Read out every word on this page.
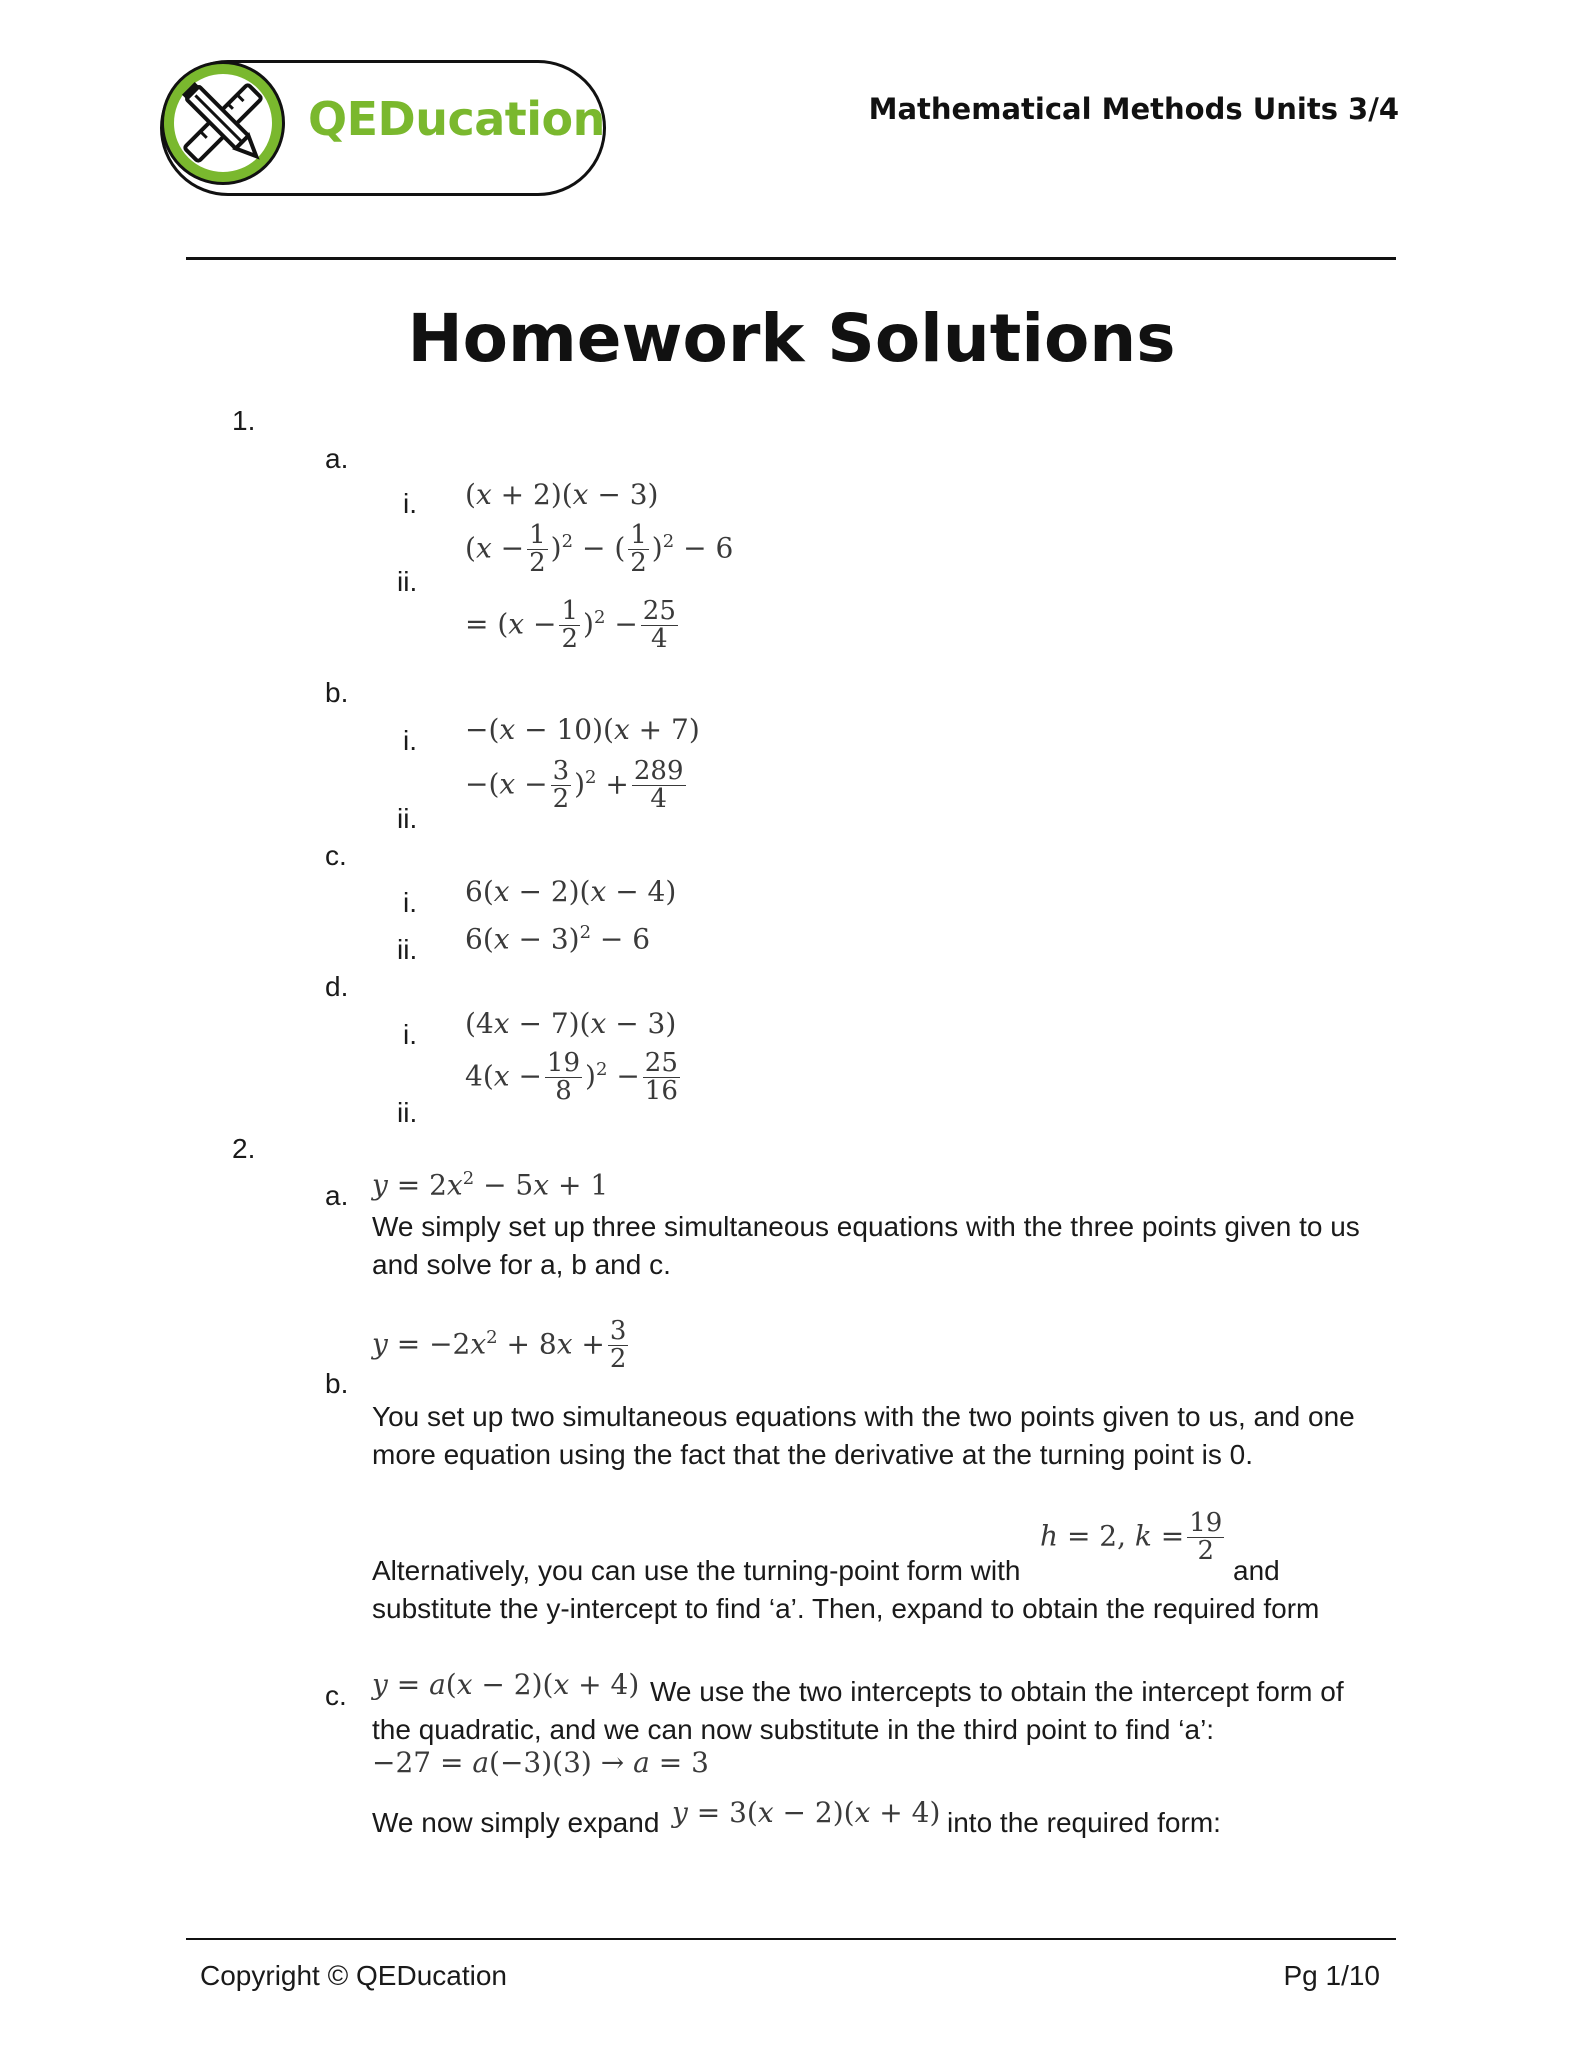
QEDucation	Mathematical Methods Units 3/4
Homework Solutions
1.
a.
i. (x + 2)(x − 3)
ii.
$(x - \frac{1}{2} )^2$ − ( $\frac{1}{2} )^2 - 6$
= $(x - \frac{1}{2} )^2 - \frac{25}{4}$
b.
i. −(x − 10)(x + 7)
ii.
$-(x - \frac{3}{2} )^2 + \frac{289}{4}$
c.
i. 6(x − 2)(x − 4)
ii. $6(x - 3)^2 - 6$
d.
i. (4x − 7)(x − 3)
ii.
$4(x - \frac{19}{8} )^2 - \frac{25}{16}$
2.
a. $y = 2x^2 - 5x + 1$
We simply set up three simultaneous equations with the three points given to us and solve for a, b and c.
b.
$y = -2x^2 + 8x + \frac{3}{2}$
You set up two simultaneous equations with the two points given to us, and one more equation using the fact that the derivative at the turning point is 0.
Alternatively, you can use the turning-point form with
h = 2, $k = \frac{19}{2}$
and
substitute the y-intercept to find ‘a’. Then, expand to obtain the required form
c. y = a(x − 2)(x + 4) We use the two intercepts to obtain the intercept form of
the quadratic, and we can now substitute in the third point to find ‘a’:
−27 = a(−3)(3) → a = 3
We now simply expand y = 3(x − 2)(x + 4) into the required form:
Copyright © QEDucation	Pg 1/10
